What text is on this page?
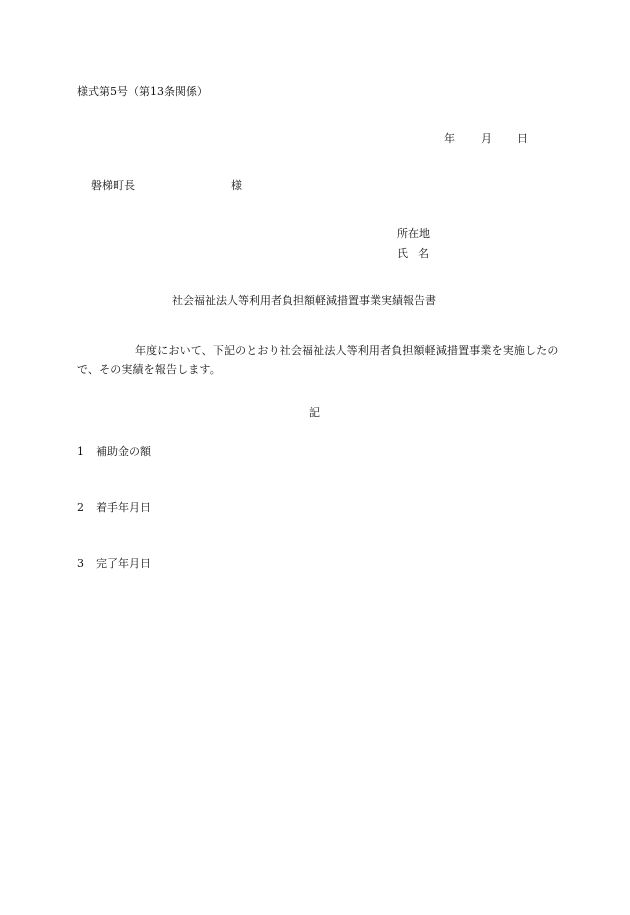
様式第5号（第13条関係）
年 月 日
磐梯町長	様
所在地
氏名
社会福祉法人等利用者負担額軽減措置事業実績報告書
年度において、下記のとおり社会福祉法人等利用者負担額軽減措置事業を実施したので、その実績を報告します。
記
1 補助金の額
2 着手年月日
3 完了年月日
